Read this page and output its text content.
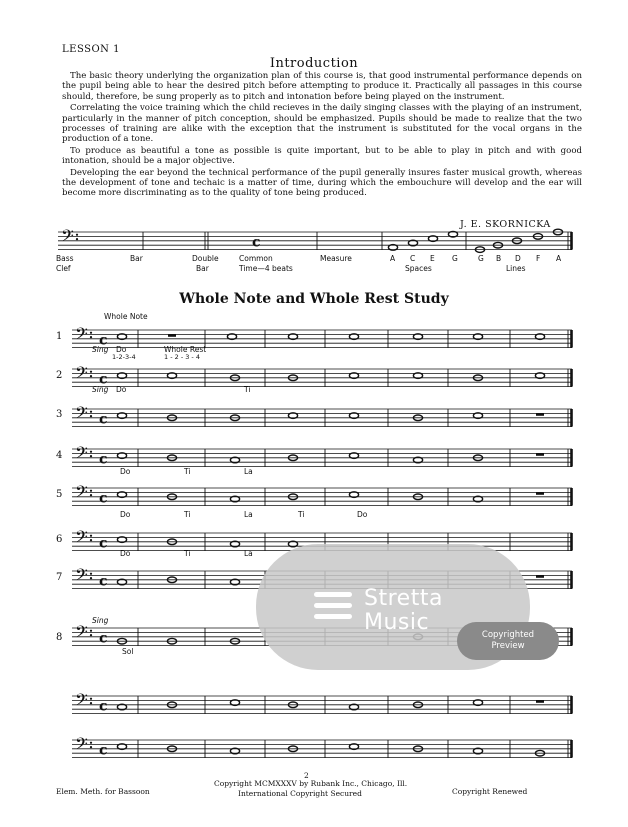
LESSON 1
Introduction

The basic theory underlying the organization plan of this course is, that good instrumental performance depends on the pupil being able to hear the desired pitch before attempting to produce it. Practically all passages in this course should, therefore, be sung properly as to pitch and intonation before being played on the instrument.

Correlating the voice training which the child recieves in the daily singing classes with the playing of an instrument, particularly in the manner of pitch conception, should be emphasized. Pupils should be made to realize that the two processes of training are alike with the exception that the instrument is substituted for the vocal organs in the production of a tone.

To produce as beautiful a tone as possible is quite important, but to be able to play in pitch and with good intonation, should be a major objective.

Developing the ear beyond the technical performance of the pupil generally insures faster musical growth, whereas the development of tone and techaic is a matter of time, during which the embouchure will develop and the ear will become more discriminating as to the quality of tone being produced.

J. E. SKORNICKA
𝄢	c
𝄢 c
𝄢 c
𝄢 c
𝄢 c
𝄢 c
𝄢 c
𝄢 c
𝄢 c
𝄢 c
𝄢 c
Bass
Clef
Bar	Double
Bar
Common
Time—4 beats
Measure	A C E G
Spaces
G B D F A
Lines
Whole Note and Whole Rest Study
1
2
3
4
5
6
7
8
Whole Note
Sing Do
1-2-3-4
Whole Rest
1 - 2 - 3 - 4
Sing Do	Ti
Do	Ti	La
Do	Ti	La	Ti	Do
Do	Ti	La
Sing
Sol
Stretta
Music	Copyrighted
Preview
2
Copyright MCMXXXV by Rubank Inc., Chicago, Ill.
International Copyright Secured
Elem. Meth. for Bassoon	Copyright Renewed
